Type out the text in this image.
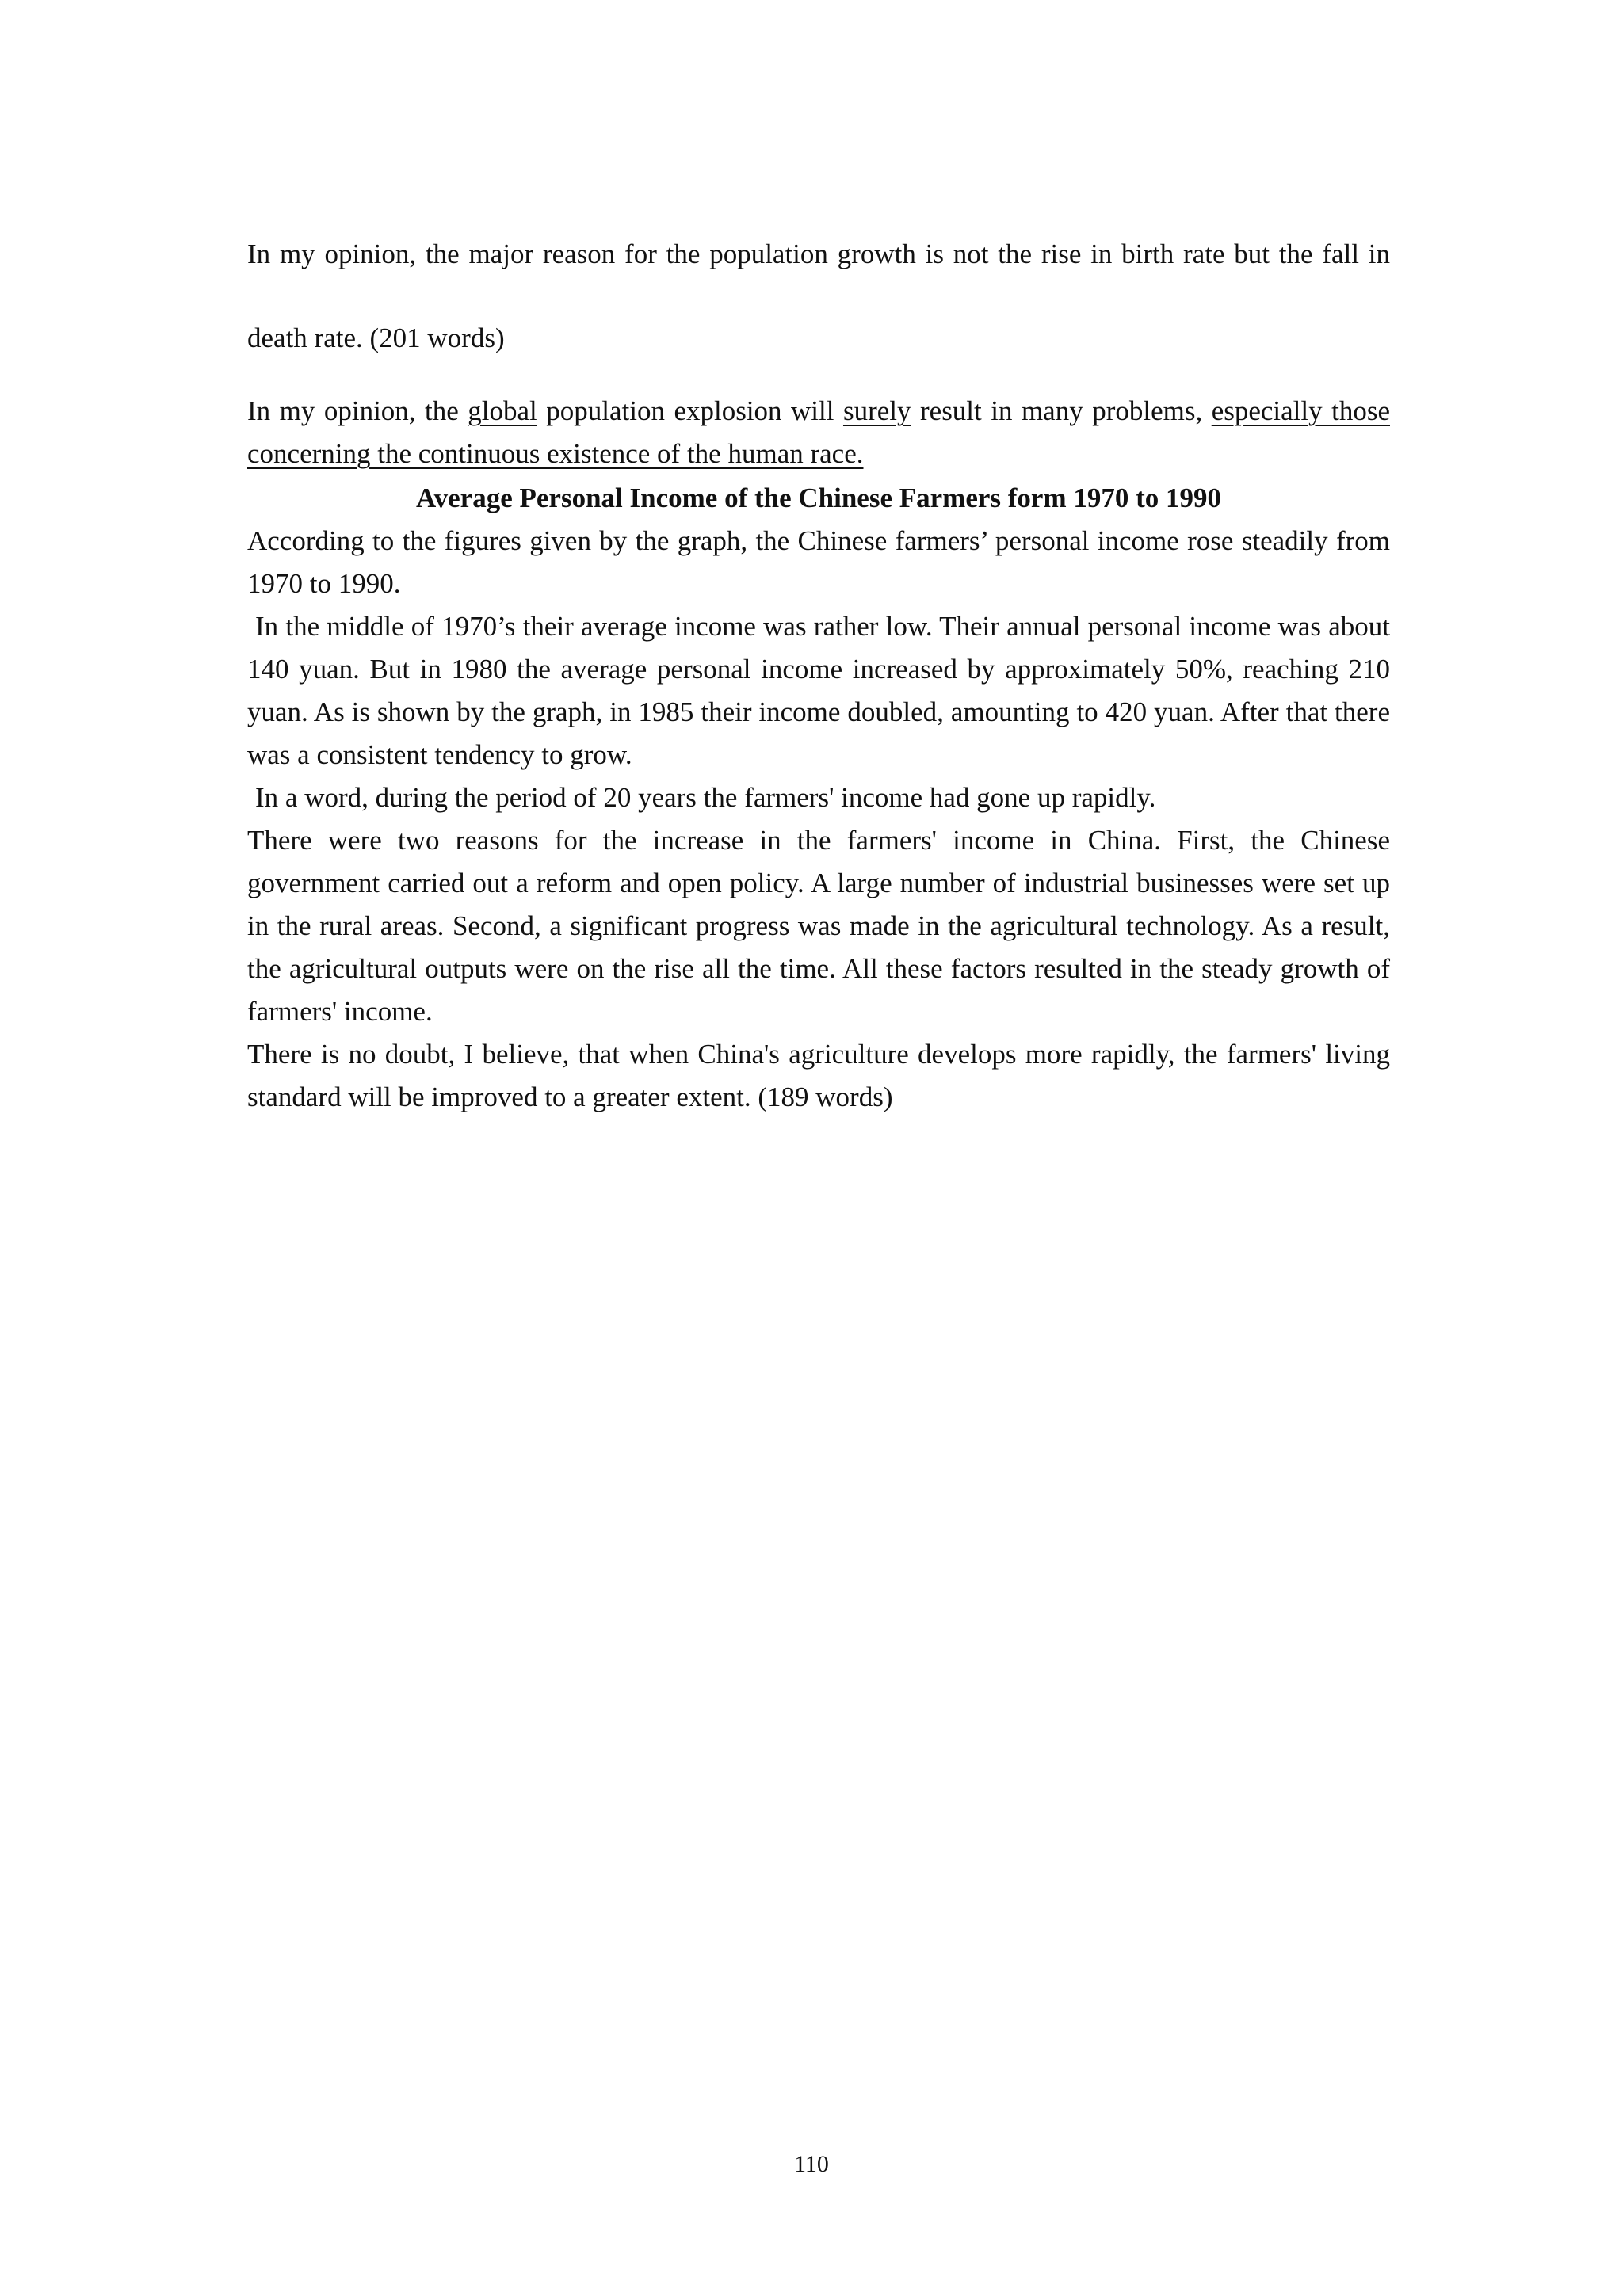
In my opinion, the major reason for the population growth is not the rise in birth rate but the fall in death rate. (201 words)

In my opinion, the global population explosion will surely result in many problems, especially those concerning the continuous existence of the human race.

Average Personal Income of the Chinese Farmers form 1970 to 1990

According to the figures given by the graph, the Chinese farmers’ personal income rose steadily from 1970 to 1990.

In the middle of 1970’s their average income was rather low. Their annual personal income was about 140 yuan. But in 1980 the average personal income increased by approximately 50%, reaching 210 yuan. As is shown by the graph, in 1985 their income doubled, amounting to 420 yuan. After that there was a consistent tendency to grow.

In a word, during the period of 20 years the farmers' income had gone up rapidly.

There were two reasons for the increase in the farmers' income in China. First, the Chinese government carried out a reform and open policy. A large number of industrial businesses were set up in the rural areas. Second, a significant progress was made in the agricultural technology. As a result, the agricultural outputs were on the rise all the time. All these factors resulted in the steady growth of farmers' income.

There is no doubt, I believe, that when China's agriculture develops more rapidly, the farmers' living standard will be improved to a greater extent. (189 words)

110
